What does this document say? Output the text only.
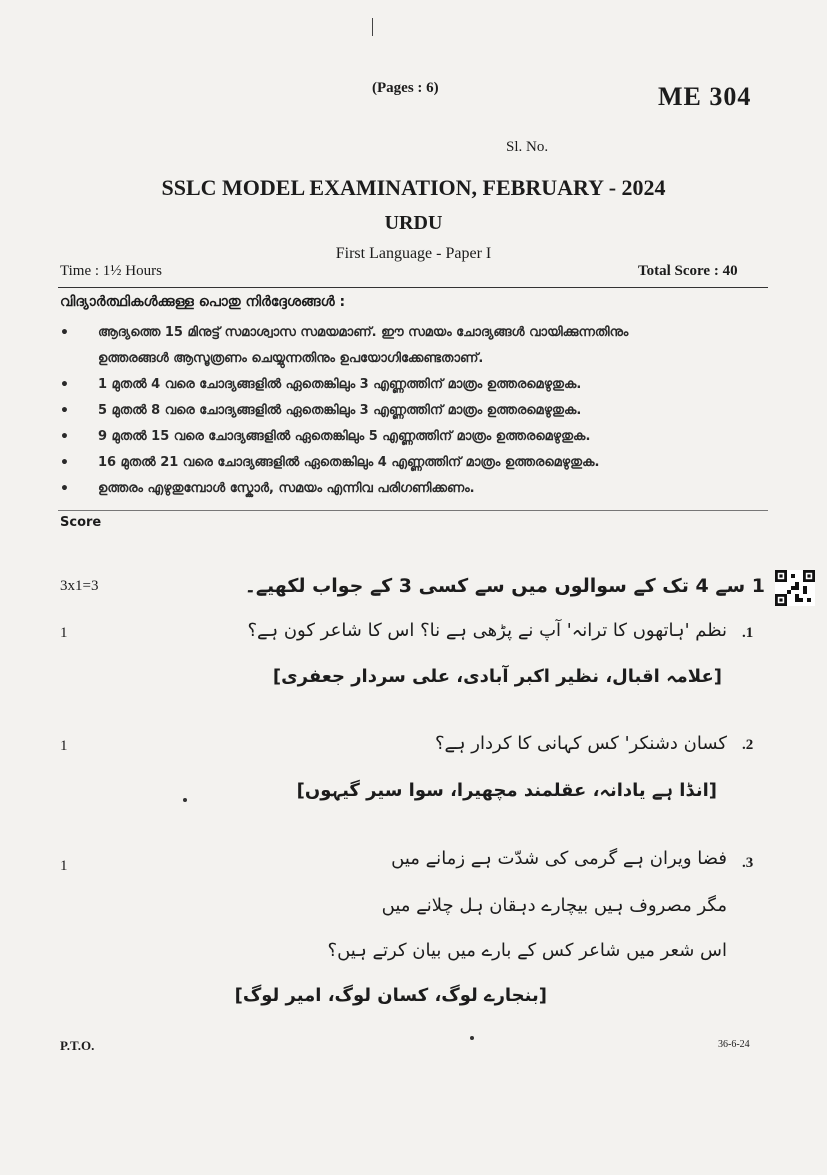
(Pages : 6)	ME 304
Sl. No.
SSLC MODEL EXAMINATION, FEBRUARY - 2024
URDU
First Language - Paper I
Time : 1½ Hours	Total Score : 40
വിദ്യാർത്ഥികൾക്കുള്ള പൊതു നിർദ്ദേശങ്ങൾ :
• ആദ്യത്തെ 15 മിനുട്ട് സമാശ്വാസ സമയമാണ്. ഈ സമയം ചോദ്യങ്ങൾ വായിക്കുന്നതിനും
ഉത്തരങ്ങൾ ആസൂത്രണം ചെയ്യുന്നതിനും ഉപയോഗിക്കേണ്ടതാണ്.
• 1 മുതൽ 4 വരെ ചോദ്യങ്ങളിൽ ഏതെങ്കിലും 3 എണ്ണത്തിന് മാത്രം ഉത്തരമെഴുതുക.
• 5 മുതൽ 8 വരെ ചോദ്യങ്ങളിൽ ഏതെങ്കിലും 3 എണ്ണത്തിന് മാത്രം ഉത്തരമെഴുതുക.
• 9 മുതൽ 15 വരെ ചോദ്യങ്ങളിൽ ഏതെങ്കിലും 5 എണ്ണത്തിന് മാത്രം ഉത്തരമെഴുതുക.
• 16 മുതൽ 21 വരെ ചോദ്യങ്ങളിൽ ഏതെങ്കിലും 4 എണ്ണത്തിന് മാത്രം ഉത്തരമെഴുതുക.
• ഉത്തരം എഴുതുമ്പോൾ സ്കോർ, സമയം എന്നിവ പരിഗണിക്കണം.
Score
3x1=3	1 سے 4 تک کے سوالوں میں سے کسی 3 کے جواب لکھیے۔
1	.1
نظم 'ہاتھوں کا ترانہ' آپ نے پڑھی ہے نا؟ اس کا شاعر کون ہے؟
[علامہ اقبال، نظیر اکبر آبادی، علی سردار جعفری]
1	.2
کسان دشنکر' کس کہانی کا کردار ہے؟
[انڈا ہے یادانہ، عقلمند مچھیرا، سوا سیر گیہوں]
1	.3
فضا ویران ہے گرمی کی شدّت ہے زمانے میں
مگر مصروف ہیں بیچارے دہقان ہل چلانے میں
اس شعر میں شاعر کس کے بارے میں بیان کرتے ہیں؟
[بنجارے لوگ، کسان لوگ، امیر لوگ]
P.T.O.	36-6-24
